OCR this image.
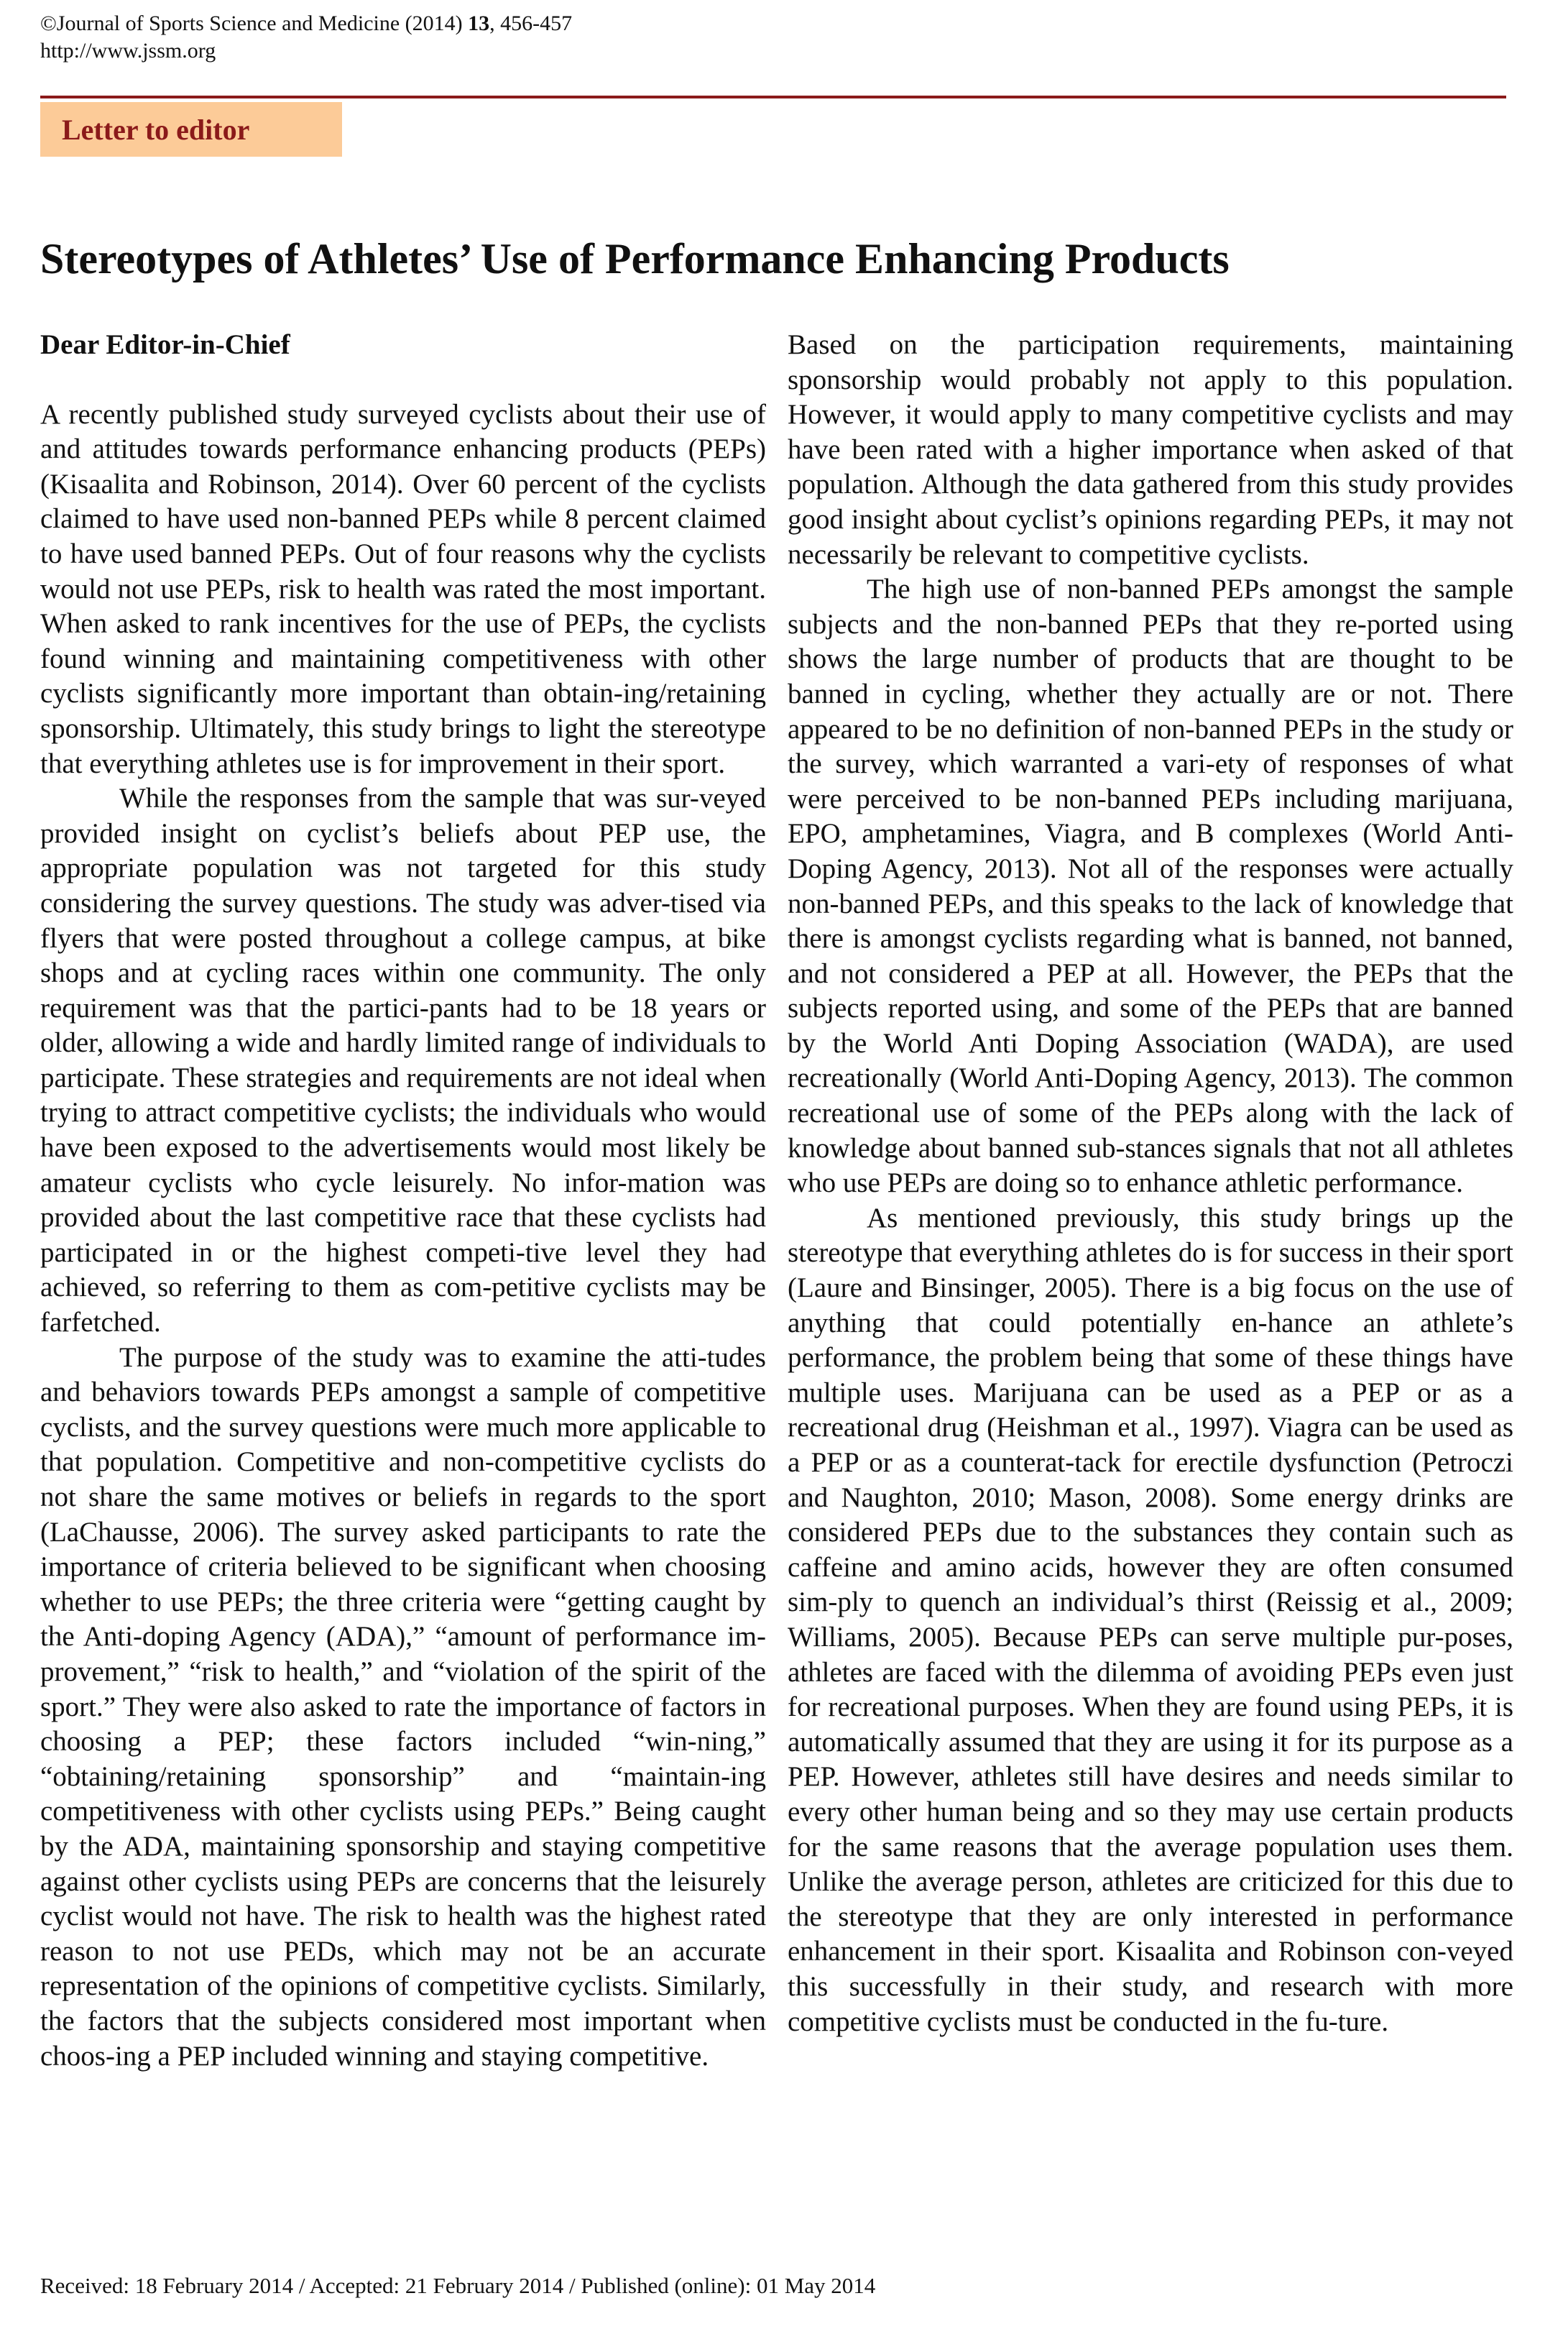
©Journal of Sports Science and Medicine (2014) 13, 456-457
http://www.jssm.org
Letter to editor
Stereotypes of Athletes’ Use of Performance Enhancing Products

Dear Editor-in-Chief

A recently published study surveyed cyclists about their use of and attitudes towards performance enhancing products (PEPs) (Kisaalita and Robinson, 2014). Over 60 percent of the cyclists claimed to have used non-banned PEPs while 8 percent claimed to have used banned PEPs. Out of four reasons why the cyclists would not use PEPs, risk to health was rated the most important. When asked to rank incentives for the use of PEPs, the cyclists found winning and maintaining competitiveness with other cyclists significantly more important than obtain-ing/retaining sponsorship. Ultimately, this study brings to light the stereotype that everything athletes use is for improvement in their sport.

While the responses from the sample that was sur-veyed provided insight on cyclist’s beliefs about PEP use, the appropriate population was not targeted for this study considering the survey questions. The study was adver-tised via flyers that were posted throughout a college campus, at bike shops and at cycling races within one community. The only requirement was that the partici-pants had to be 18 years or older, allowing a wide and hardly limited range of individuals to participate. These strategies and requirements are not ideal when trying to attract competitive cyclists; the individuals who would have been exposed to the advertisements would most likely be amateur cyclists who cycle leisurely. No infor-mation was provided about the last competitive race that these cyclists had participated in or the highest competi-tive level they had achieved, so referring to them as com-petitive cyclists may be farfetched.

The purpose of the study was to examine the atti-tudes and behaviors towards PEPs amongst a sample of competitive cyclists, and the survey questions were much more applicable to that population. Competitive and non-competitive cyclists do not share the same motives or beliefs in regards to the sport (LaChausse, 2006). The survey asked participants to rate the importance of criteria believed to be significant when choosing whether to use PEPs; the three criteria were “getting caught by the Anti-doping Agency (ADA),” “amount of performance im-provement,” “risk to health,” and “violation of the spirit of the sport.” They were also asked to rate the importance of factors in choosing a PEP; these factors included “win-ning,” “obtaining/retaining sponsorship” and “maintain-ing competitiveness with other cyclists using PEPs.” Being caught by the ADA, maintaining sponsorship and staying competitive against other cyclists using PEPs are concerns that the leisurely cyclist would not have. The risk to health was the highest rated reason to not use PEDs, which may not be an accurate representation of the opinions of competitive cyclists. Similarly, the factors that the subjects considered most important when choos-ing a PEP included winning and staying competitive.

Based on the participation requirements, maintaining sponsorship would probably not apply to this population. However, it would apply to many competitive cyclists and may have been rated with a higher importance when asked of that population. Although the data gathered from this study provides good insight about cyclist’s opinions regarding PEPs, it may not necessarily be relevant to competitive cyclists.

The high use of non-banned PEPs amongst the sample subjects and the non-banned PEPs that they re-ported using shows the large number of products that are thought to be banned in cycling, whether they actually are or not. There appeared to be no definition of non-banned PEPs in the study or the survey, which warranted a vari-ety of responses of what were perceived to be non-banned PEPs including marijuana, EPO, amphetamines, Viagra, and B complexes (World Anti-Doping Agency, 2013). Not all of the responses were actually non-banned PEPs, and this speaks to the lack of knowledge that there is amongst cyclists regarding what is banned, not banned, and not considered a PEP at all. However, the PEPs that the subjects reported using, and some of the PEPs that are banned by the World Anti Doping Association (WADA), are used recreationally (World Anti-Doping Agency, 2013). The common recreational use of some of the PEPs along with the lack of knowledge about banned sub-stances signals that not all athletes who use PEPs are doing so to enhance athletic performance.

As mentioned previously, this study brings up the stereotype that everything athletes do is for success in their sport (Laure and Binsinger, 2005). There is a big focus on the use of anything that could potentially en-hance an athlete’s performance, the problem being that some of these things have multiple uses. Marijuana can be used as a PEP or as a recreational drug (Heishman et al., 1997). Viagra can be used as a PEP or as a counterat-tack for erectile dysfunction (Petroczi and Naughton, 2010; Mason, 2008). Some energy drinks are considered PEPs due to the substances they contain such as caffeine and amino acids, however they are often consumed sim-ply to quench an individual’s thirst (Reissig et al., 2009; Williams, 2005). Because PEPs can serve multiple pur-poses, athletes are faced with the dilemma of avoiding PEPs even just for recreational purposes. When they are found using PEPs, it is automatically assumed that they are using it for its purpose as a PEP. However, athletes still have desires and needs similar to every other human being and so they may use certain products for the same reasons that the average population uses them. Unlike the average person, athletes are criticized for this due to the stereotype that they are only interested in performance enhancement in their sport. Kisaalita and Robinson con-veyed this successfully in their study, and research with more competitive cyclists must be conducted in the fu-ture.

Received: 18 February 2014 / Accepted: 21 February 2014 / Published (online): 01 May 2014
